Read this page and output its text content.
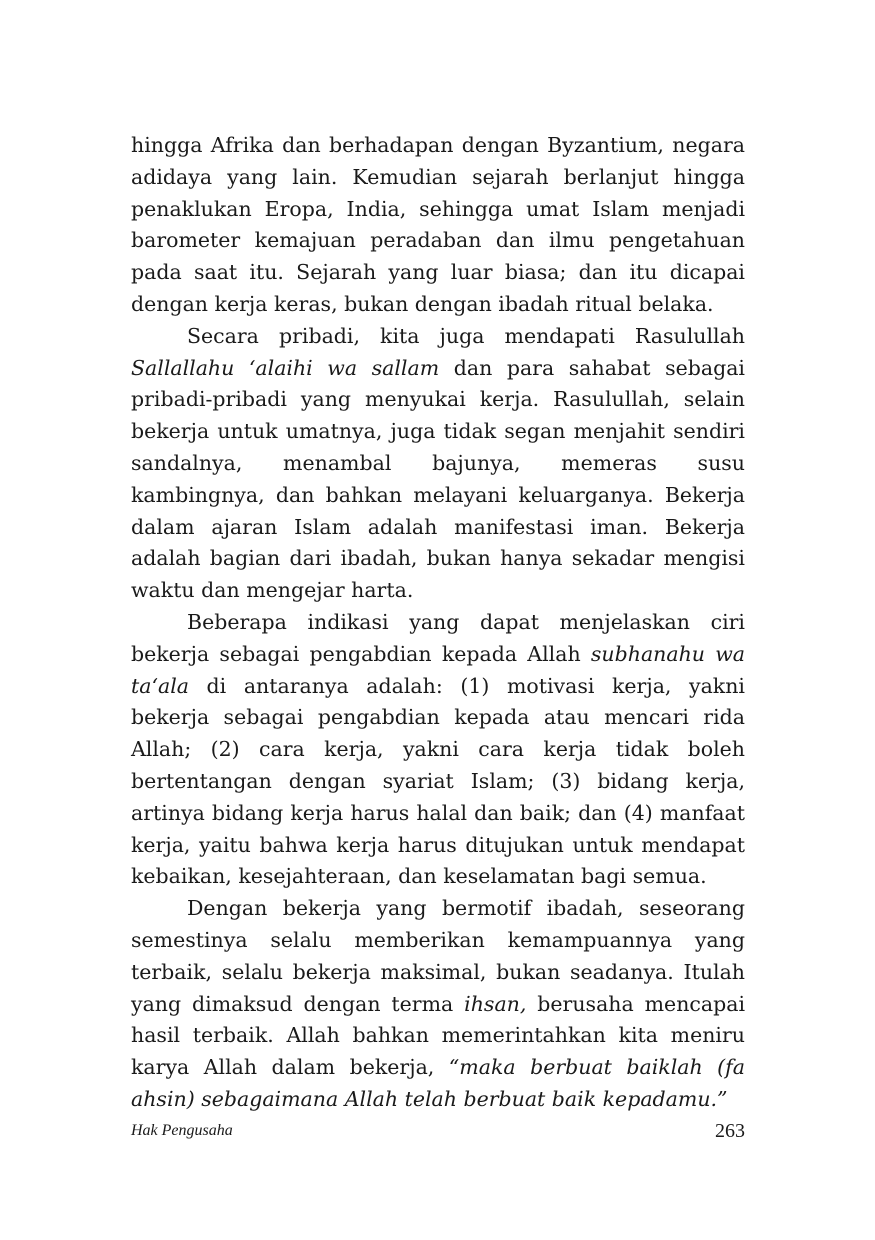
hingga Afrika dan berhadapan dengan Byzantium, negara adidaya yang lain. Kemudian sejarah berlanjut hingga penaklukan Eropa, India, sehingga umat Islam menjadi barometer kemajuan peradaban dan ilmu pengetahuan pada saat itu. Sejarah yang luar biasa; dan itu dicapai dengan kerja keras, bukan dengan ibadah ritual belaka.

Secara pribadi, kita juga mendapati Rasulullah Sallallahu ‘alaihi wa sallam dan para sahabat sebagai pribadi-pribadi yang menyukai kerja. Rasulullah, selain bekerja untuk umatnya, juga tidak segan menjahit sendiri sandalnya, menambal bajunya, memeras susu kambingnya, dan bahkan melayani keluarganya. Bekerja dalam ajaran Islam adalah manifestasi iman. Bekerja adalah bagian dari ibadah, bukan hanya sekadar mengisi waktu dan mengejar harta.

Beberapa indikasi yang dapat menjelaskan ciri bekerja sebagai pengabdian kepada Allah subhanahu wa ta‘ala di antaranya adalah: (1) motivasi kerja, yakni bekerja sebagai pengabdian kepada atau mencari rida Allah; (2) cara kerja, yakni cara kerja tidak boleh bertentangan dengan syariat Islam; (3) bidang kerja, artinya bidang kerja harus halal dan baik; dan (4) manfaat kerja, yaitu bahwa kerja harus ditujukan untuk mendapat kebaikan, kesejahteraan, dan keselamatan bagi semua.

Dengan bekerja yang bermotif ibadah, seseorang semestinya selalu memberikan kemampuannya yang terbaik, selalu bekerja maksimal, bukan seadanya. Itulah yang dimaksud dengan terma ihsan, berusaha mencapai hasil terbaik. Allah bahkan memerintahkan kita meniru karya Allah dalam bekerja, “maka berbuat baiklah (fa ahsin) sebagaimana Allah telah berbuat baik kepadamu.”

Hak Pengusaha	263
